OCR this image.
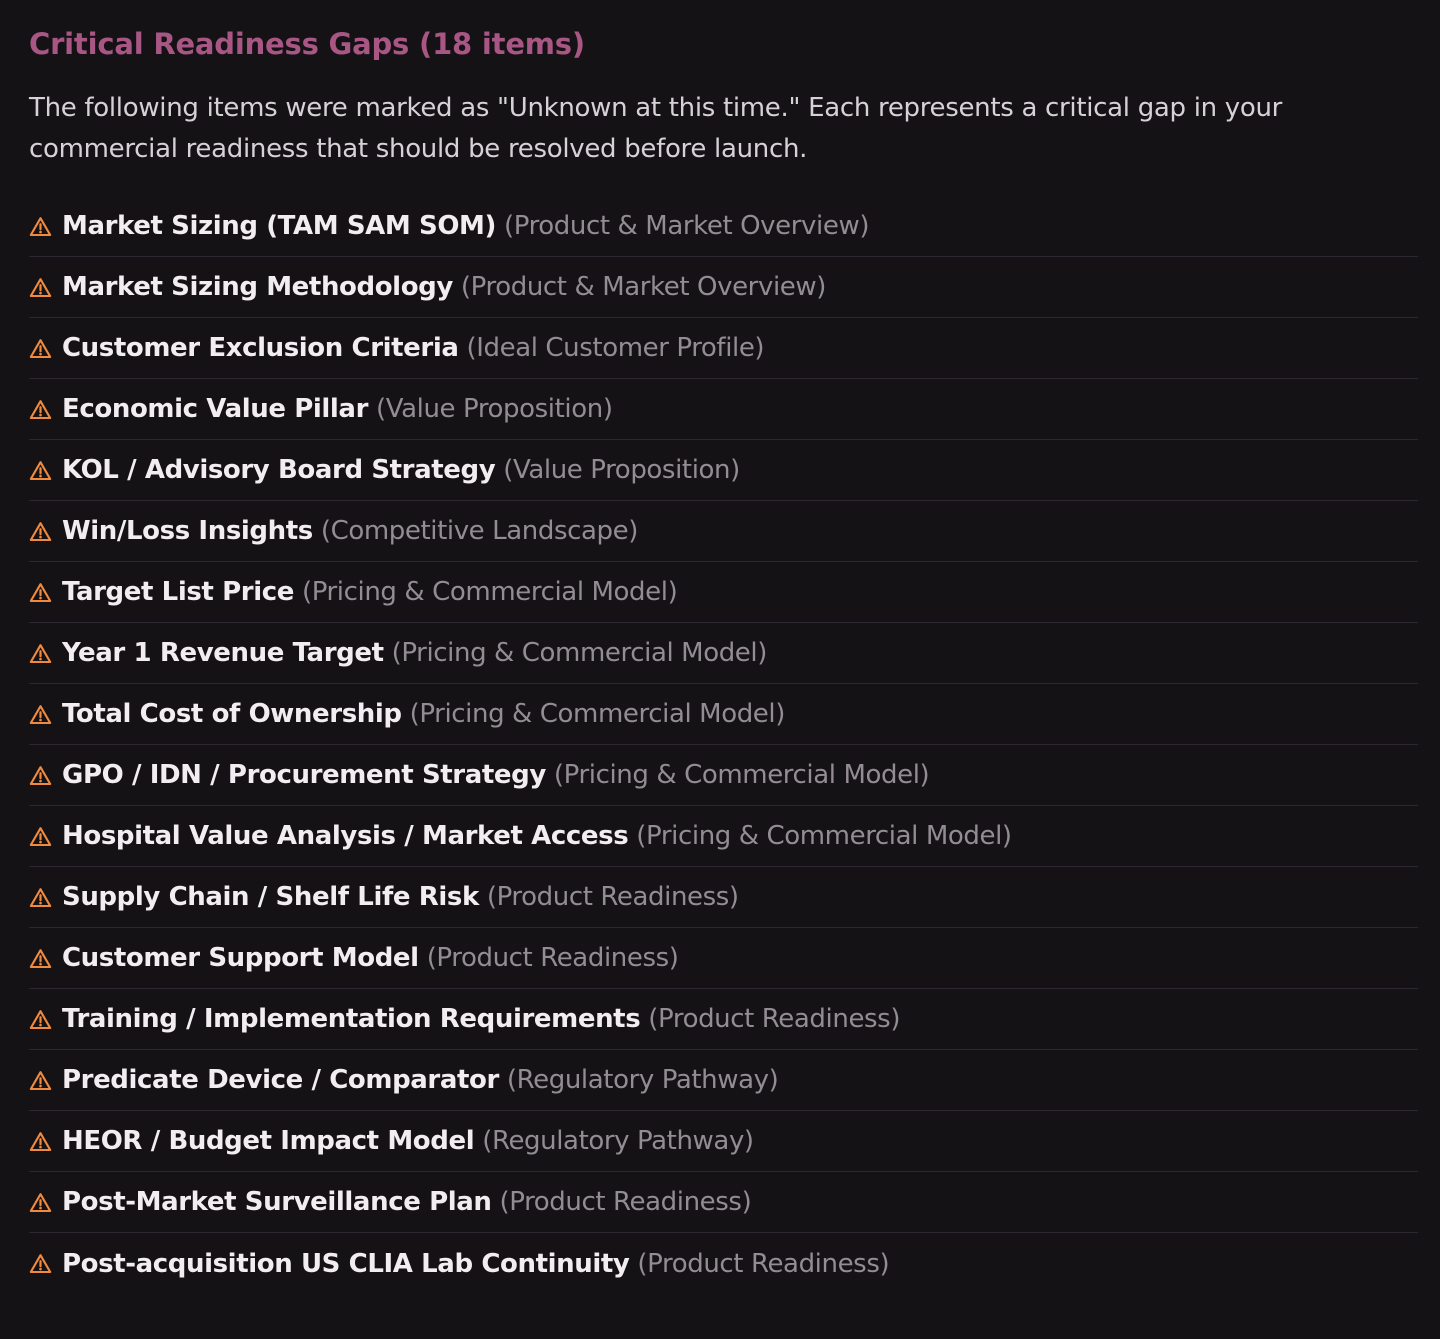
Critical Readiness Gaps (18 items)

The following items were marked as "Unknown at this time." Each represents a critical gap in your commercial readiness that should be resolved before launch.

Market Sizing (TAM SAM SOM) (Product & Market Overview)
Market Sizing Methodology (Product & Market Overview)
Customer Exclusion Criteria (Ideal Customer Profile)
Economic Value Pillar (Value Proposition)
KOL / Advisory Board Strategy (Value Proposition)
Win/Loss Insights (Competitive Landscape)
Target List Price (Pricing & Commercial Model)
Year 1 Revenue Target (Pricing & Commercial Model)
Total Cost of Ownership (Pricing & Commercial Model)
GPO / IDN / Procurement Strategy (Pricing & Commercial Model)
Hospital Value Analysis / Market Access (Pricing & Commercial Model)
Supply Chain / Shelf Life Risk (Product Readiness)
Customer Support Model (Product Readiness)
Training / Implementation Requirements (Product Readiness)
Predicate Device / Comparator (Regulatory Pathway)
HEOR / Budget Impact Model (Regulatory Pathway)
Post-Market Surveillance Plan (Product Readiness)
Post-acquisition US CLIA Lab Continuity (Product Readiness)
